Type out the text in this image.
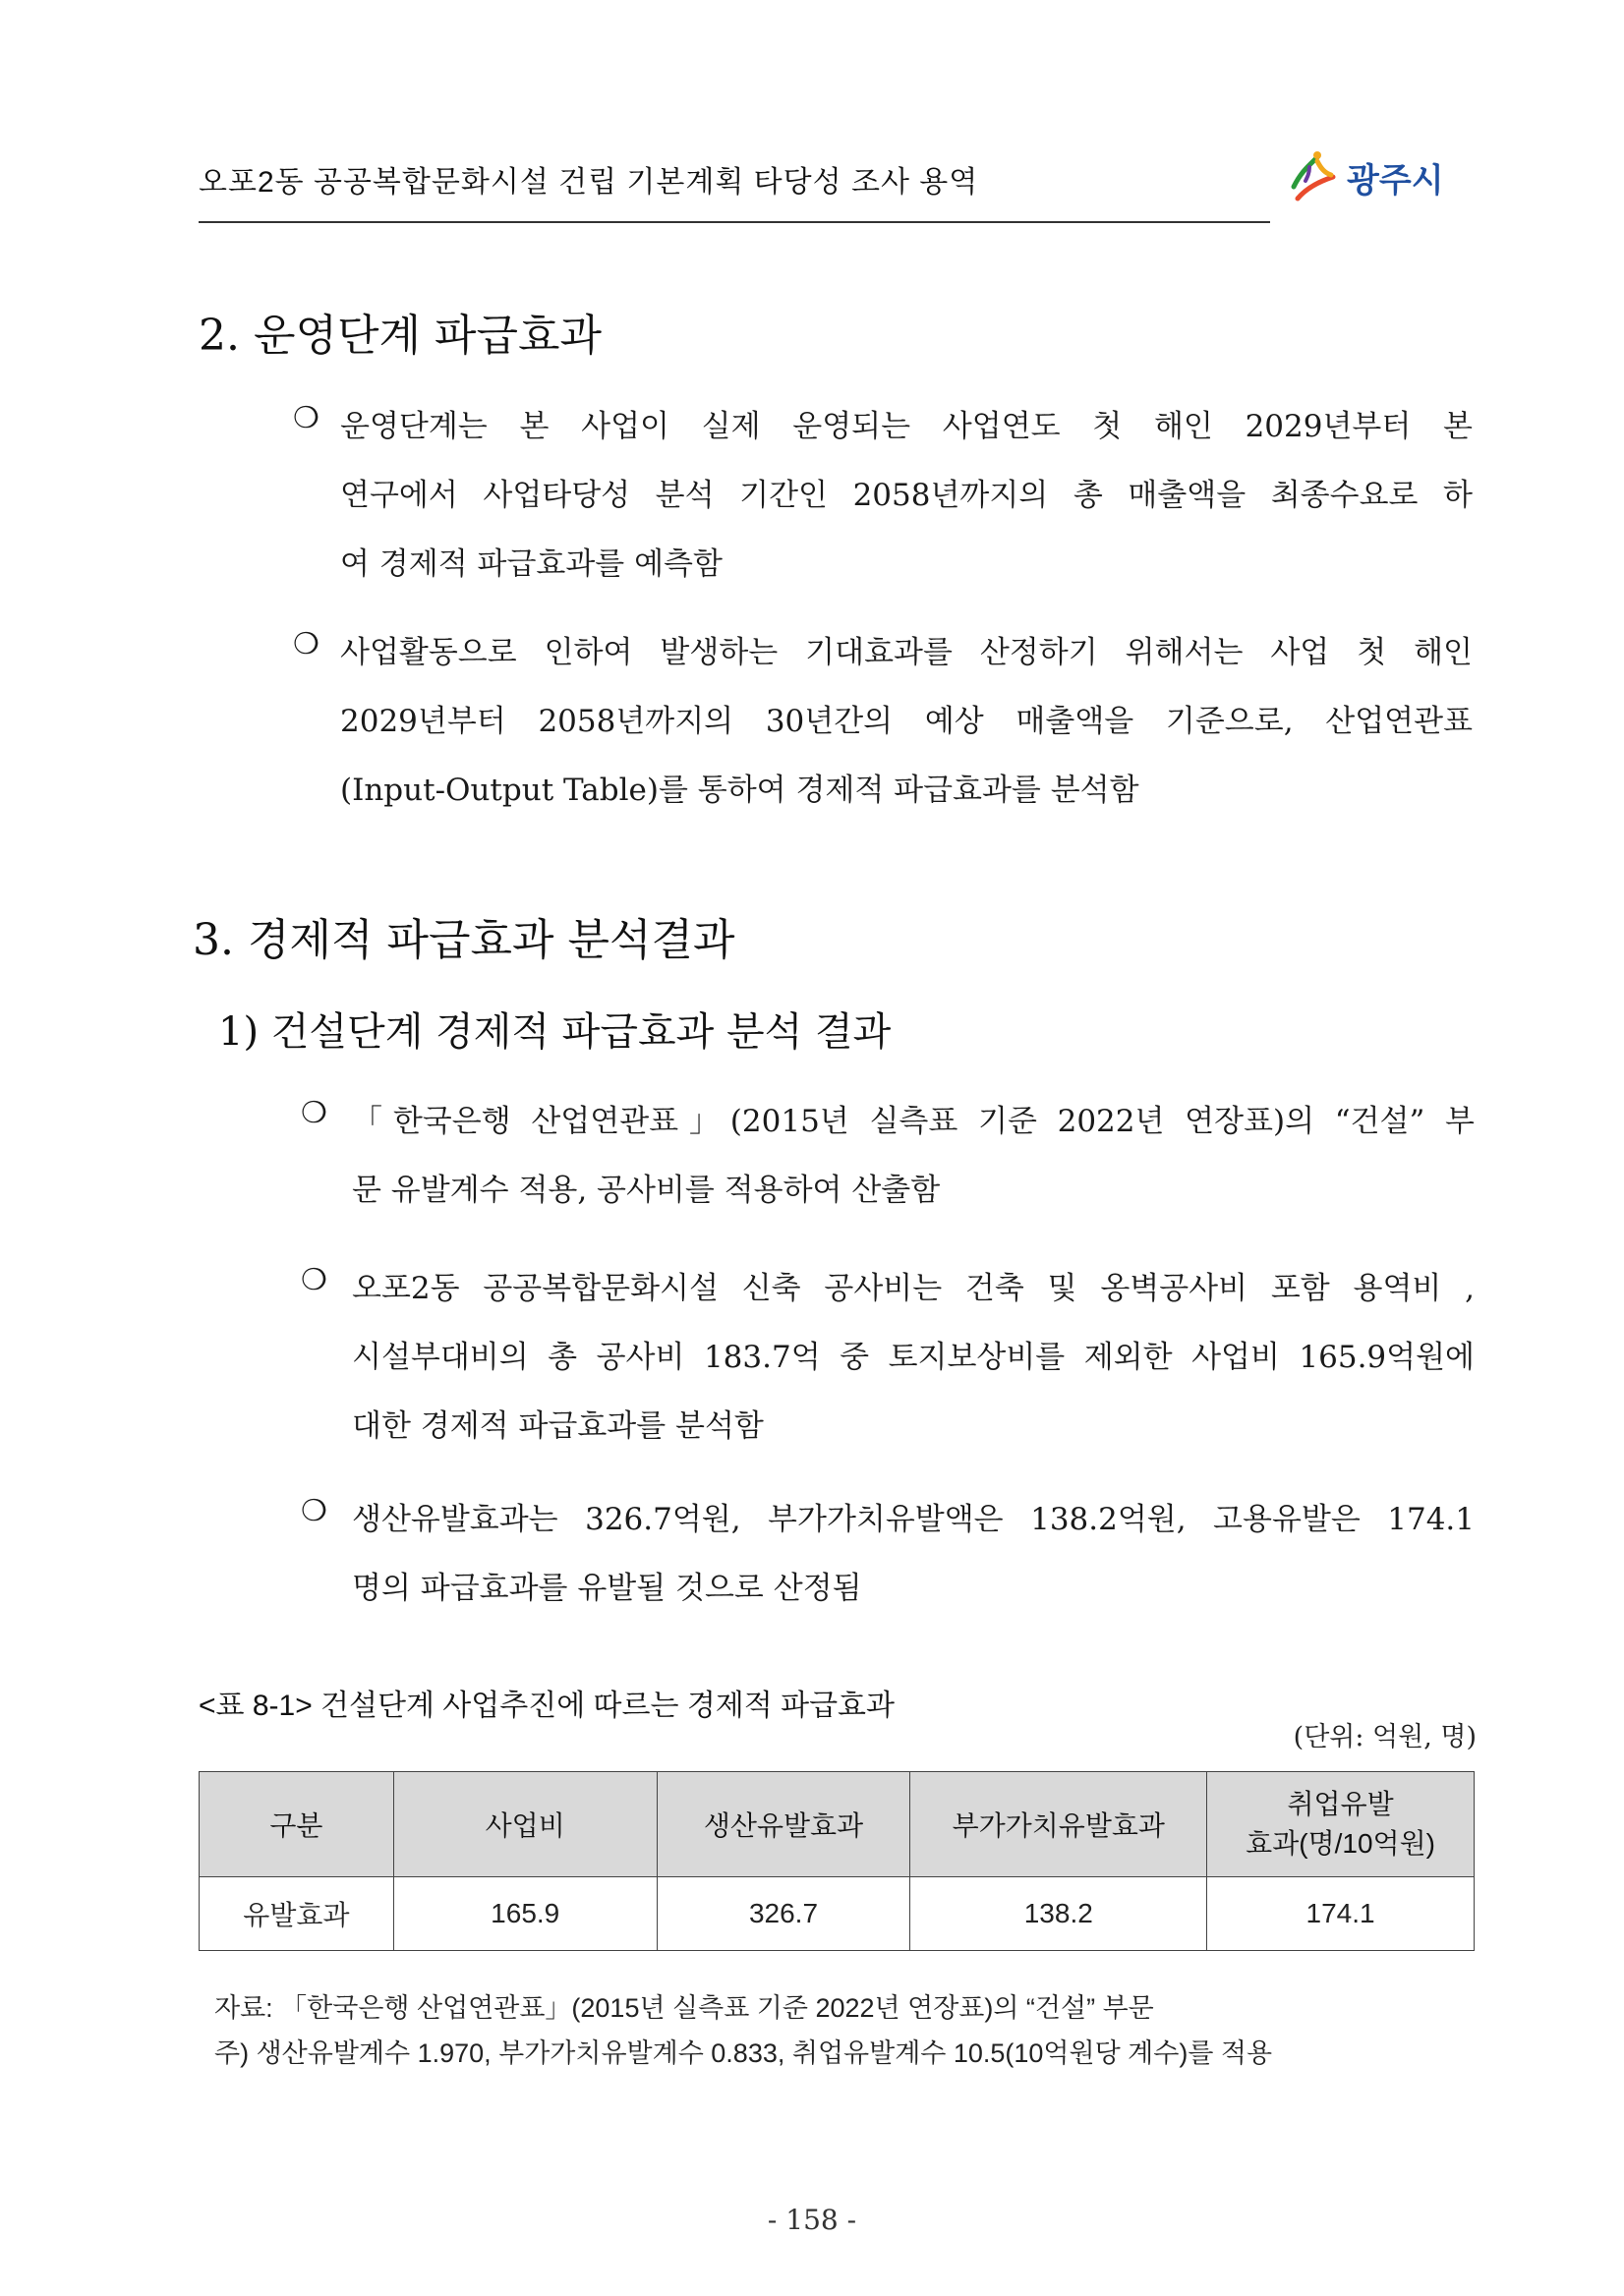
오포2동 공공복합문화시설 건립 기본계획 타당성 조사 용역	광주시
2. 운영단계 파급효과
❍ 운영단계는 본 사업이 실제 운영되는 사업연도 첫 해인 2029년부터 본
연구에서 사업타당성 분석 기간인 2058년까지의 총 매출액을 최종수요로 하
여 경제적 파급효과를 예측함
❍ 사업활동으로 인하여 발생하는 기대효과를 산정하기 위해서는 사업 첫 해인
2029년부터 2058년까지의 30년간의 예상 매출액을 기준으로, 산업연관표
(Input-Output Table)를 통하여 경제적 파급효과를 분석함
3. 경제적 파급효과 분석결과
1) 건설단계 경제적 파급효과 분석 결과
❍ 「한국은행 산업연관표」(2015년 실측표 기준 2022년 연장표)의 “건설” 부
문 유발계수 적용, 공사비를 적용하여 산출함
❍ 오포2동 공공복합문화시설 신축 공사비는 건축 및 옹벽공사비 포함 용역비 ,
시설부대비의 총 공사비 183.7억 중 토지보상비를 제외한 사업비 165.9억원에
대한 경제적 파급효과를 분석함
❍ 생산유발효과는 326.7억원, 부가가치유발액은 138.2억원, 고용유발은 174.1
명의 파급효과를 유발될 것으로 산정됨
<표 8-1> 건설단계 사업추진에 따르는 경제적 파급효과
(단위: 억원, 명)
구분	사업비	생산유발효과	부가가치유발효과	취업유발
효과(명/10억원)

유발효과	165.9	326.7	138.2	174.1
자료: 「한국은행 산업연관표」(2015년 실측표 기준 2022년 연장표)의 “건설” 부문
주) 생산유발계수 1.970, 부가가치유발계수 0.833, 취업유발계수 10.5(10억원당 계수)를 적용
- 158 -
